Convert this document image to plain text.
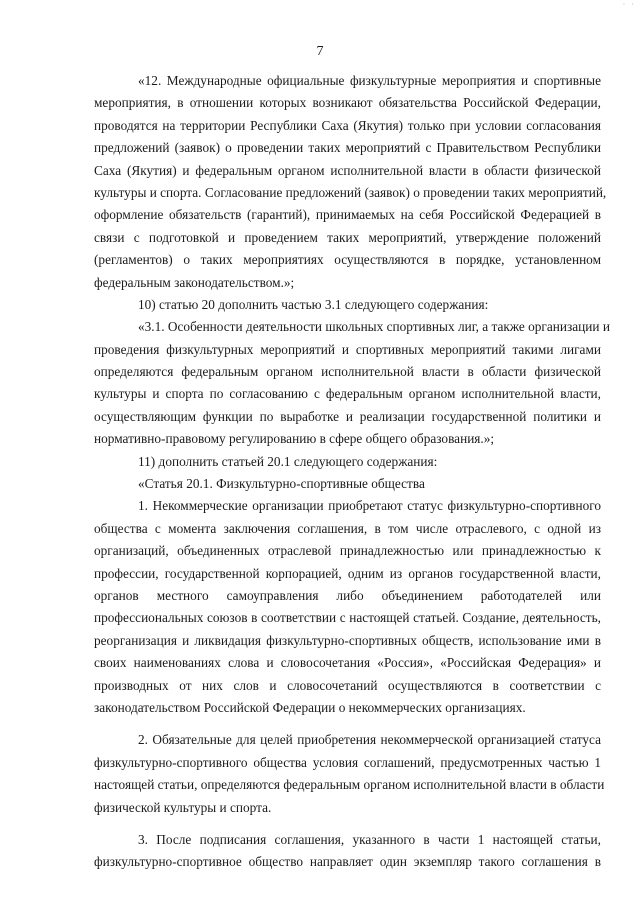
˙ ˙
7
«12. Международные официальные физкультурные мероприятия и спортивные
мероприятия, в отношении которых возникают обязательства Российской Федерации,
проводятся на территории Республики Саха (Якутия) только при условии согласования
предложений (заявок) о проведении таких мероприятий с Правительством Республики
Саха (Якутия) и федеральным органом исполнительной власти в области физической
культуры и спорта. Согласование предложений (заявок) о проведении таких мероприятий,
оформление обязательств (гарантий), принимаемых на себя Российской Федерацией в
связи с подготовкой и проведением таких мероприятий, утверждение положений
(регламентов) о таких мероприятиях осуществляются в порядке, установленном
федеральным законодательством.»;
10) статью 20 дополнить частью 3.1 следующего содержания:
«3.1. Особенности деятельности школьных спортивных лиг, а также организации и
проведения физкультурных мероприятий и спортивных мероприятий такими лигами
определяются федеральным органом исполнительной власти в области физической
культуры и спорта по согласованию с федеральным органом исполнительной власти,
осуществляющим функции по выработке и реализации государственной политики и
нормативно-правовому регулированию в сфере общего образования.»;
11) дополнить статьей 20.1 следующего содержания:
«Статья 20.1. Физкультурно-спортивные общества
1. Некоммерческие организации приобретают статус физкультурно-спортивного
общества с момента заключения соглашения, в том числе отраслевого, с одной из
организаций, объединенных отраслевой принадлежностью или принадлежностью к
профессии, государственной корпорацией, одним из органов государственной власти,
органов местного самоуправления либо объединением работодателей или
профессиональных союзов в соответствии с настоящей статьей. Создание, деятельность,
реорганизация и ликвидация физкультурно-спортивных обществ, использование ими в
своих наименованиях слова и словосочетания «Россия», «Российская Федерация» и
производных от них слов и словосочетаний осуществляются в соответствии с
законодательством Российской Федерации о некоммерческих организациях.
2. Обязательные для целей приобретения некоммерческой организацией статуса
физкультурно-спортивного общества условия соглашений, предусмотренных частью 1
настоящей статьи, определяются федеральным органом исполнительной власти в области
физической культуры и спорта.
3. После подписания соглашения, указанного в части 1 настоящей статьи,
физкультурно-спортивное общество направляет один экземпляр такого соглашения в
